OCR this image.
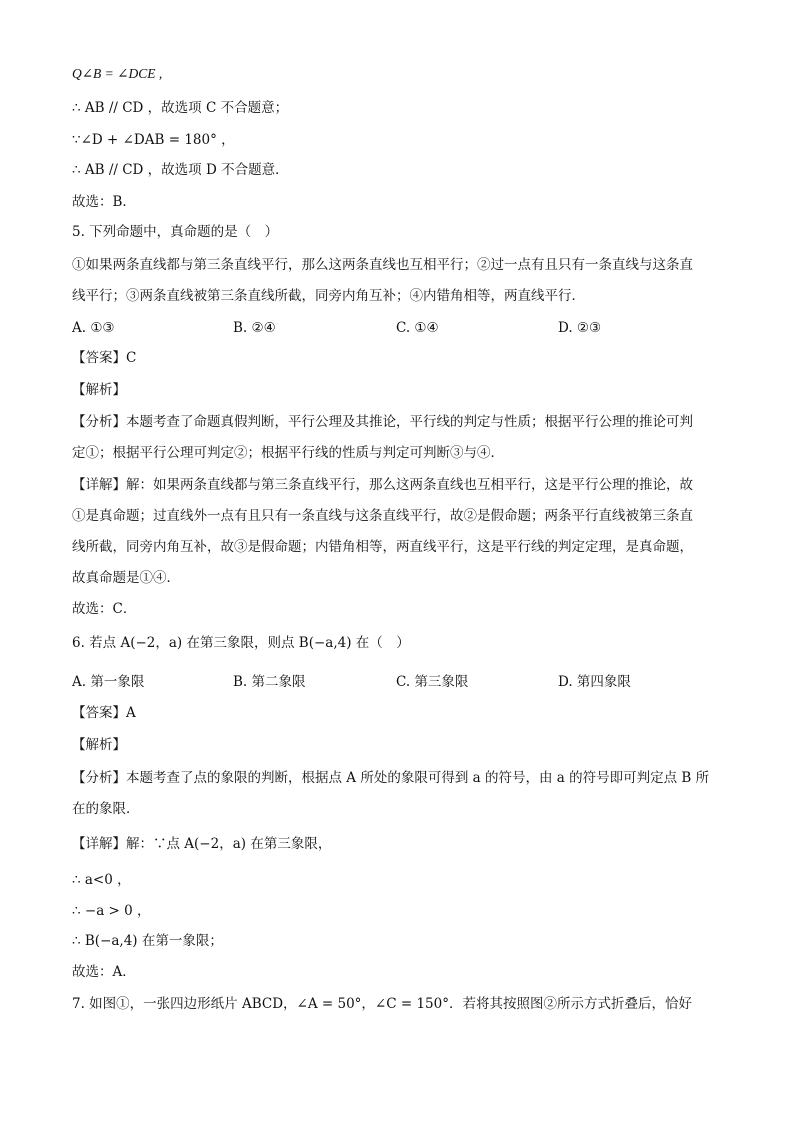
Q∠B = ∠DCE ,
∴ AB // CD ，故选项 C 不合题意；
∵∠D + ∠DAB = 180° ，
∴ AB // CD ，故选项 D 不合题意．
故选：B．
5. 下列命题中，真命题的是（　）
①如果两条直线都与第三条直线平行，那么这两条直线也互相平行；②过一点有且只有一条直线与这条直
线平行；③两条直线被第三条直线所截，同旁内角互补；④内错角相等，两直线平行．
A. ①③	B. ②④	C. ①④	D. ②③
【答案】C
【解析】
【分析】本题考查了命题真假判断，平行公理及其推论，平行线的判定与性质；根据平行公理的推论可判
定①；根据平行公理可判定②；根据平行线的性质与判定可判断③与④．
【详解】解：如果两条直线都与第三条直线平行，那么这两条直线也互相平行，这是平行公理的推论，故
①是真命题；过直线外一点有且只有一条直线与这条直线平行，故②是假命题；两条平行直线被第三条直
线所截，同旁内角互补，故③是假命题；内错角相等，两直线平行，这是平行线的判定定理，是真命题，
故真命题是①④．
故选：C．
6. 若点 A(−2，a) 在第三象限，则点 B(−a,4) 在（　）
A. 第一象限	B. 第二象限	C. 第三象限	D. 第四象限
【答案】A
【解析】
【分析】本题考查了点的象限的判断，根据点 A 所处的象限可得到 a 的符号，由 a 的符号即可判定点 B 所
在的象限．
【详解】解：∵点 A(−2，a) 在第三象限，
∴ a<0 ，
∴ −a > 0 ，
∴ B(−a,4) 在第一象限；
故选：A．
7. 如图①，一张四边形纸片 ABCD，∠A = 50°，∠C = 150°．若将其按照图②所示方式折叠后，恰好
